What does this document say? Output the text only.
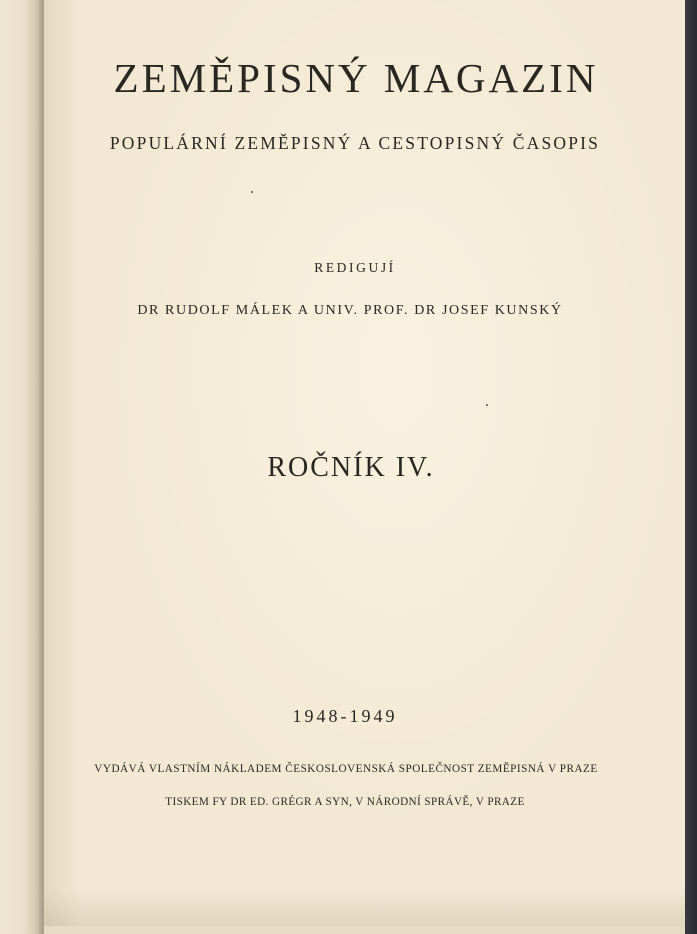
ZEMĚPISNÝ MAGAZIN

POPULÁRNÍ ZEMĚPISNÝ A CESTOPISNÝ ČASOPIS

REDIGUJÍ

DR RUDOLF MÁLEK A UNIV. PROF. DR JOSEF KUNSKÝ

ROČNÍK IV.

1948-1949

VYDÁVÁ VLASTNÍM NÁKLADEM ČESKOSLOVENSKÁ SPOLEČNOST ZEMĚPISNÁ V PRAZE

TISKEM FY DR ED. GRÉGR A SYN, V NÁRODNÍ SPRÁVĚ, V PRAZE
